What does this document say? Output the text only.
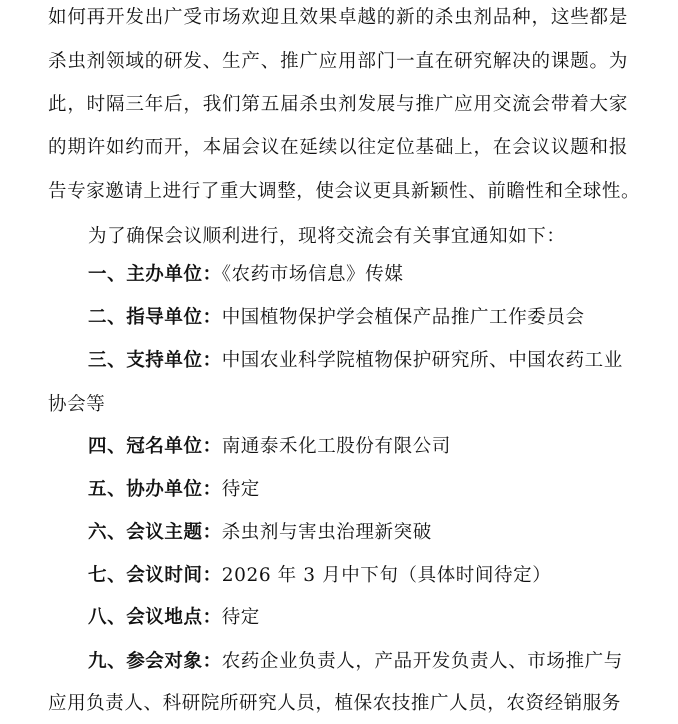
如何再开发出广受市场欢迎且效果卓越的新的杀虫剂品种，这些都是
杀虫剂领域的研发、生产、推广应用部门一直在研究解决的课题。为
此，时隔三年后，我们第五届杀虫剂发展与推广应用交流会带着大家
的期许如约而开，本届会议在延续以往定位基础上，在会议议题和报
告专家邀请上进行了重大调整，使会议更具新颖性、前瞻性和全球性。
为了确保会议顺利进行，现将交流会有关事宜通知如下：
一、主办单位：《农药市场信息》传媒
二、指导单位：中国植物保护学会植保产品推广工作委员会
三、支持单位：中国农业科学院植物保护研究所、中国农药工业
协会等
四、冠名单位：南通泰禾化工股份有限公司
五、协办单位：待定
六、会议主题：杀虫剂与害虫治理新突破
七、会议时间：2026 年 3 月中下旬（具体时间待定）
八、会议地点：待定
九、参会对象：农药企业负责人，产品开发负责人、市场推广与
应用负责人、科研院所研究人员，植保农技推广人员，农资经销服务
